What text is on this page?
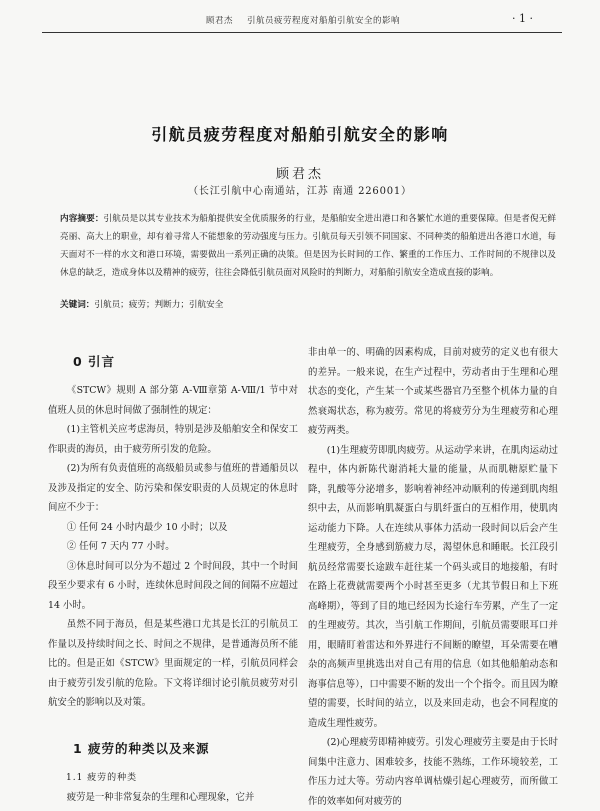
顾君杰 引航员疲劳程度对船舶引航安全的影响	· 1 ·
引航员疲劳程度对船舶引航安全的影响
顾君杰
（长江引航中心南通站，江苏 南通 226001）
内容摘要：引航员是以其专业技术为船舶提供安全优质服务的行业，是船舶安全进出港口和各繁忙水道的重要保障。但是者倪无鲜亮丽、高大上的职业，却有着寻常人不能想象的劳动强度与压力。引航员每天引领不同国家、不同种类的船舶进出各港口水道，每天面对不一样的水文和港口环境，需要做出一系列正确的决策。但是因为长时间的工作、繁重的工作压力、工作时间的不规律以及休息的缺乏，造成身体以及精神的疲劳，往往会降低引航员面对风险时的判断力，对船舶引航安全造成直接的影响。
关键词：引航员；疲劳；判断力；引航安全

0 引言

《STCW》规则 A 部分第 A-Ⅷ章第 A-Ⅷ/1 节中对值班人员的休息时间做了强制性的规定：

(1)主管机关应考虑海员，特别是涉及船舶安全和保安工作职责的海员，由于疲劳所引发的危险。

(2)为所有负责值班的高级船员或参与值班的普通船员以及涉及指定的安全、防污染和保安职责的人员规定的休息时间应不少于：

① 任何 24 小时内最少 10 小时；以及

② 任何 7 天内 77 小时。

③休息时间可以分为不超过 2 个时间段，其中一个时间段至少要求有 6 小时，连续休息时间段之间的间隔不应超过 14 小时。

虽然不同于海员，但是某些港口尤其是长江的引航员工作量以及持续时间之长、时间之不规律，是普通海员所不能比的。但是正如《STCW》里面规定的一样，引航员同样会由于疲劳引发引航的危险。下文将详细讨论引航员疲劳对引航安全的影响以及对策。

1 疲劳的种类以及来源

1.1 疲劳的种类

疲劳是一种非常复杂的生理和心理现象，它并

非由单一的、明确的因素构成，目前对疲劳的定义也有很大的差异。一般来说，在生产过程中，劳动者由于生理和心理状态的变化，产生某一个或某些器官乃至整个机体力量的自然衰竭状态，称为疲劳。常见的将疲劳分为生理疲劳和心理疲劳两类。

(1)生理疲劳即肌肉疲劳。从运动学来讲，在肌肉运动过程中，体内新陈代谢消耗大量的能量，从而肌糖原贮量下降，乳酸等分泌增多，影响着神经冲动顺利的传递到肌肉组织中去，从而影响肌凝蛋白与肌纤蛋白的互相作用，使肌肉运动能力下降。人在连续从事体力活动一段时间以后会产生生理疲劳，全身感到筋疲力尽，渴望休息和睡眠。长江段引航员经常需要长途跋车赶往某一个码头或目的地接船，有时在路上花费就需要两个小时甚至更多（尤其节假日和上下班高峰期），等到了目的地已经因为长途行车劳累，产生了一定的生理疲劳。其次，当引航工作期间，引航员需要眼耳口并用，眼睛盯着雷达和外界进行不间断的瞭望，耳朵需要在嘈杂的高频声里挑选出对自己有用的信息（如其他船舶动态和海事信息等），口中需要不断的发出一个个指令。而且因为瞭望的需要，长时间的站立，以及来回走动，也会不同程度的造成生理性疲劳。

(2)心理疲劳即精神疲劳。引发心理疲劳主要是由于长时间集中注意力、困难较多，技能不熟练，工作环境较差，工作压力过大等。劳动内容单调枯燥引起心理疲劳，而所做工作的效率如何对疲劳的
